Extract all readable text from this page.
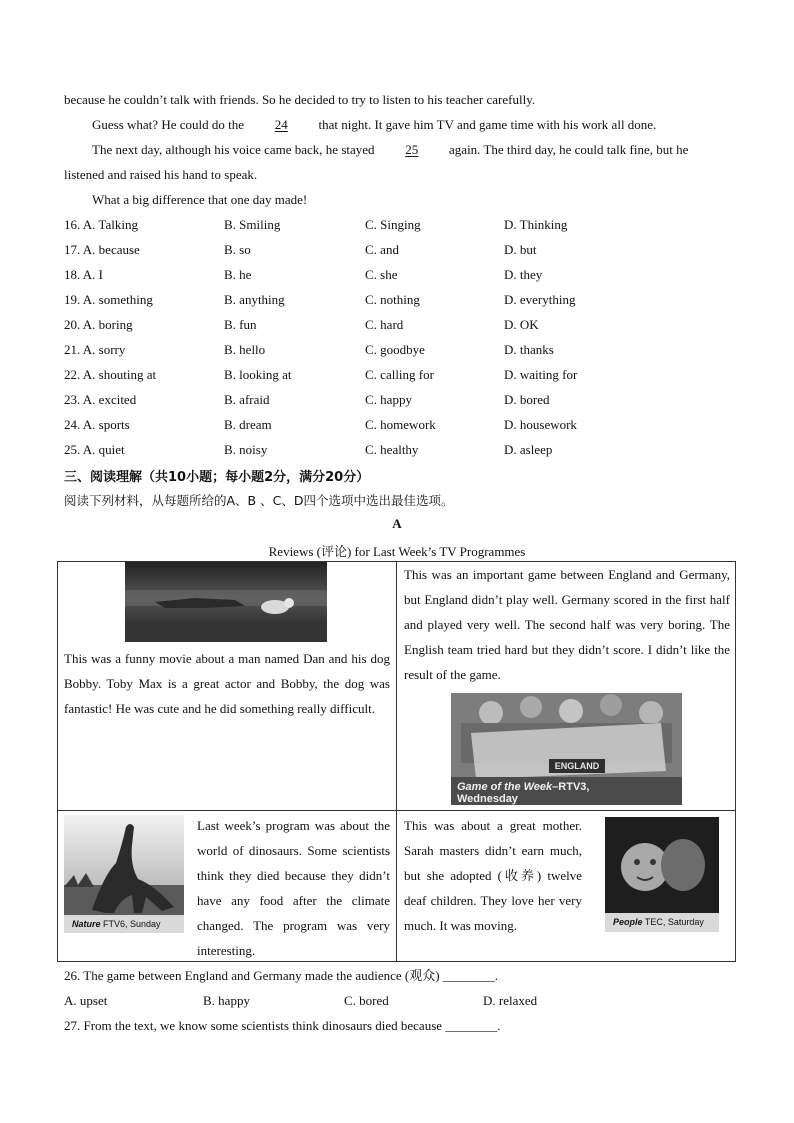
because he couldn’t talk with friends. So he decided to try to listen to his teacher carefully.
Guess what? He could do the 24 that night. It gave him TV and game time with his work all done.
The next day, although his voice came back, he stayed 25 again. The third day, he could talk fine, but he
listened and raised his hand to speak.
What a big difference that one day made!
16. A. Talking	B. Smiling	C. Singing	D. Thinking
17. A. because	B. so	C. and	D. but
18. A. I	B. he	C. she	D. they
19. A. something	B. anything	C. nothing	D. everything
20. A. boring	B. fun	C. hard	D. OK
21. A. sorry	B. hello	C. goodbye	D. thanks
22. A. shouting at	B. looking at	C. calling for	D. waiting for
23. A. excited	B. afraid	C. happy	D. bored
24. A. sports	B. dream	C. homework	D. housework
25. A. quiet	B. noisy	C. healthy	D. asleep
三、阅读理解（共10小题；每小题2分，满分20分）
阅读下列材料，从每题所给的A、B 、C、D四个选项中选出最佳选项。
A
Reviews (评论) for Last Week’s TV Programmes
This was a funny movie about a man named Dan and his dog Bobby. Toby Max is a great actor and Bobby, the dog was fantastic! He was cute and he did something really difficult.
This was an important game between England and Germany, but England didn’t play well. Germany scored in the first half and played very well. The second half was very boring. The English team tried hard but they didn’t score. I didn’t like the result of the game.
ENGLAND
Game of the Week–RTV3,
Wednesday
Nature FTV6, Sunday
Last week’s program was about the world of dinosaurs. Some scientists think they died because they didn’t have any food after the climate changed. The program was very interesting.
This was about a great mother. Sarah masters didn’t earn much, but she adopted (收养) twelve deaf children. They love her very much. It was moving.	People TEC, Saturday
26. The game between England and Germany made the audience (观众) ________.
A. upset	B. happy	C. bored	D. relaxed
27. From the text, we know some scientists think dinosaurs died because ________.
